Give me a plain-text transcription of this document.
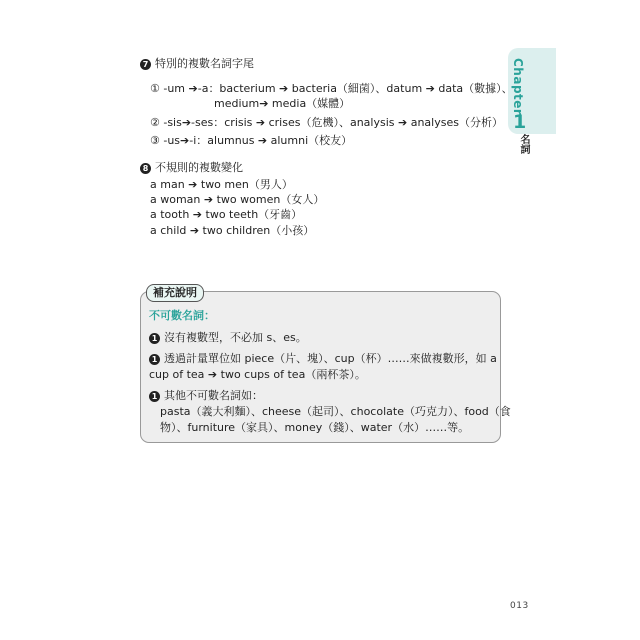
Chapter
1
名詞
7 特別的複數名詞字尾
① -um ➔-a：bacterium ➔ bacteria（細菌）、datum ➔ data（數據）、
medium➔ media（媒體）
② -sis➔-ses：crisis ➔ crises（危機）、analysis ➔ analyses（分析）
③ -us➔-i：alumnus ➔ alumni（校友）
8 不規則的複數變化
a man ➔ two men（男人）
a woman ➔ two women（女人）
a tooth ➔ two teeth（牙齒）
a child ➔ two children（小孩）
補充說明
不可數名詞：
1 沒有複數型，不必加 s、es。
1 透過計量單位如 piece（片、塊）、cup（杯）……來做複數形，如 a
cup of tea ➔ two cups of tea（兩杯茶）。
1 其他不可數名詞如：
pasta（義大利麵）、cheese（起司）、chocolate（巧克力）、food（食
物）、furniture（家具）、money（錢）、water（水）……等。
013
